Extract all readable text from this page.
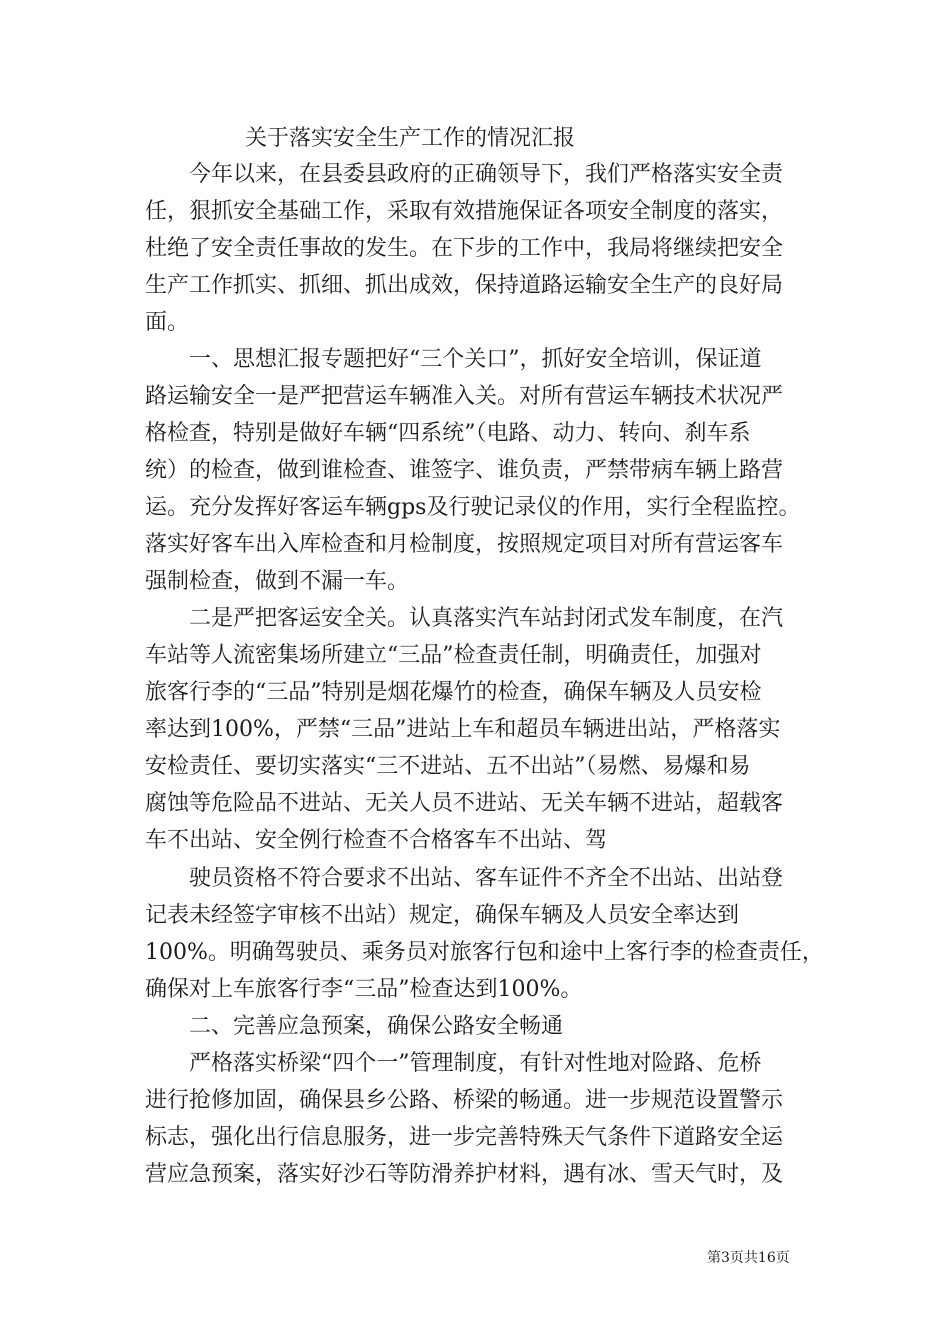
关于落实安全生产工作的情况汇报
今年以来，在县委县政府的正确领导下，我们严格落实安全责
任，狠抓安全基础工作，采取有效措施保证各项安全制度的落实，
杜绝了安全责任事故的发生。在下步的工作中，我局将继续把安全
生产工作抓实、抓细、抓出成效，保持道路运输安全生产的良好局
面。
一、思想汇报专题把好“三个关口”，抓好安全培训，保证道
路运输安全一是严把营运车辆准入关。对所有营运车辆技术状况严
格检查，特别是做好车辆“四系统”（电路、动力、转向、刹车系
统）的检查，做到谁检查、谁签字、谁负责，严禁带病车辆上路营
运。充分发挥好客运车辆gps及行驶记录仪的作用，实行全程监控。
落实好客车出入库检查和月检制度，按照规定项目对所有营运客车
强制检查，做到不漏一车。
二是严把客运安全关。认真落实汽车站封闭式发车制度，在汽
车站等人流密集场所建立“三品”检查责任制，明确责任，加强对
旅客行李的“三品”特别是烟花爆竹的检查，确保车辆及人员安检
率达到100%，严禁“三品”进站上车和超员车辆进出站，严格落实
安检责任、要切实落实“三不进站、五不出站”（易燃、易爆和易
腐蚀等危险品不进站、无关人员不进站、无关车辆不进站，超载客
车不出站、安全例行检查不合格客车不出站、驾
驶员资格不符合要求不出站、客车证件不齐全不出站、出站登
记表未经签字审核不出站）规定，确保车辆及人员安全率达到
100%。明确驾驶员、乘务员对旅客行包和途中上客行李的检查责任，
确保对上车旅客行李“三品”检查达到100%。
二、完善应急预案，确保公路安全畅通
严格落实桥梁“四个一”管理制度，有针对性地对险路、危桥
进行抢修加固，确保县乡公路、桥梁的畅通。进一步规范设置警示
标志，强化出行信息服务，进一步完善特殊天气条件下道路安全运
营应急预案，落实好沙石等防滑养护材料，遇有冰、雪天气时，及
第3页共16页
